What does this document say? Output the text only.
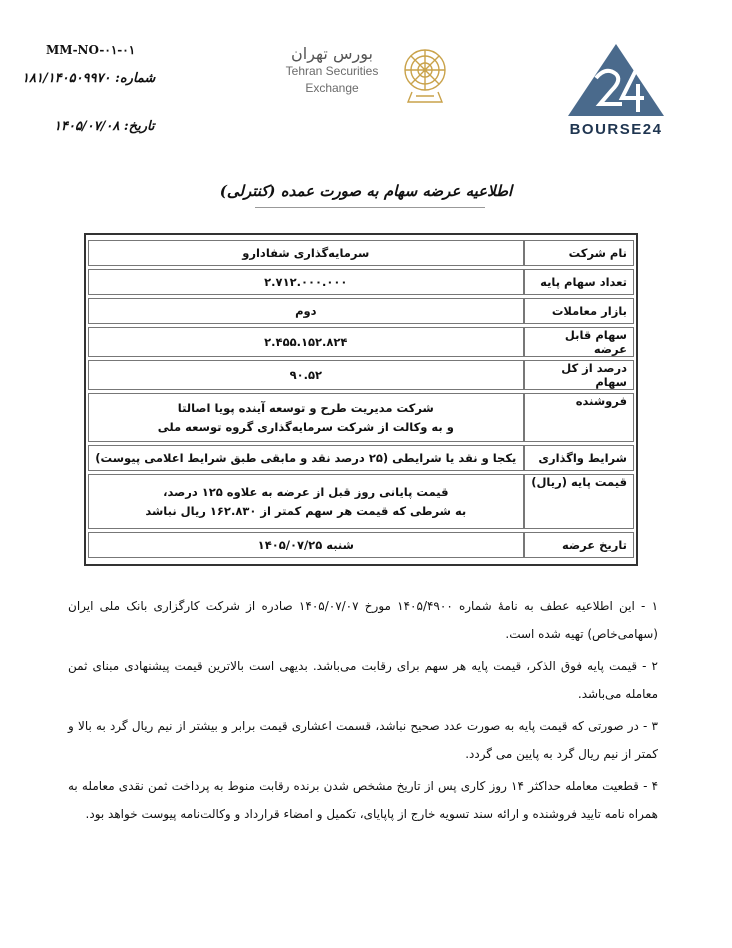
MM-NO-۰۱-۰۱
شماره: ۱۸۱/۱۴۰۵۰۹۹۷۰
تاریخ: ۱۴۰۵/۰۷/۰۸
بورس تهران
Tehran Securities
Exchange
BOURSE24
اطلاعیه عرضه سهام به صورت عمده (کنترلی)
نام شرکت	سرمایه‌گذاری شفادارو

تعداد سهام پایه	۲.۷۱۲.۰۰۰.۰۰۰

بازار معاملات	دوم

سهام قابل عرضه	۲.۴۵۵.۱۵۲.۸۲۴

درصد از کل سهام	۹۰.۵۲

فروشنده	شرکت مدیریت طرح و توسعه آینده پویا اصالتا
و به وکالت از شرکت سرمایه‌گذاری گروه توسعه ملی

شرایط واگذاری	یکجا و نقد یا شرایطی (۲۵ درصد نقد و مابقی طبق شرایط اعلامی پیوست)

قیمت پایه (ریال)	قیمت پایانی روز قبل از عرضه به علاوه ۱۲۵ درصد،
به شرطی که قیمت هر سهم کمتر از ۱۶۲.۸۳۰ ریال نباشد

تاریخ عرضه	شنبه ۱۴۰۵/۰۷/۲۵

۱ - این اطلاعیه عطف به نامهٔ شماره ۱۴۰۵/۴۹۰۰ مورخ ۱۴۰۵/۰۷/۰۷ صادره از شرکت کارگزاری بانک ملی ایران (سهامی‌خاص) تهیه شده است.

۲ - قیمت پایه فوق الذکر، قیمت پایه هر سهم برای رقابت می‌باشد. بدیهی است بالاترین قیمت پیشنهادی مبنای ثمن معامله می‌باشد.

۳ - در صورتی که قیمت پایه به صورت عدد صحیح نباشد، قسمت اعشاری قیمت برابر و بیشتر از نیم ریال گرد به بالا و کمتر از نیم ریال گرد به پایین می گردد.

۴ - قطعیت معامله حداکثر ۱۴ روز کاری پس از تاریخ مشخص شدن برنده رقابت منوط به پرداخت ثمن نقدی معامله به همراه نامه تایید فروشنده و ارائه سند تسویه خارج از پاپایای، تکمیل و امضاء قرارداد و وکالت‌نامه پیوست خواهد بود.
